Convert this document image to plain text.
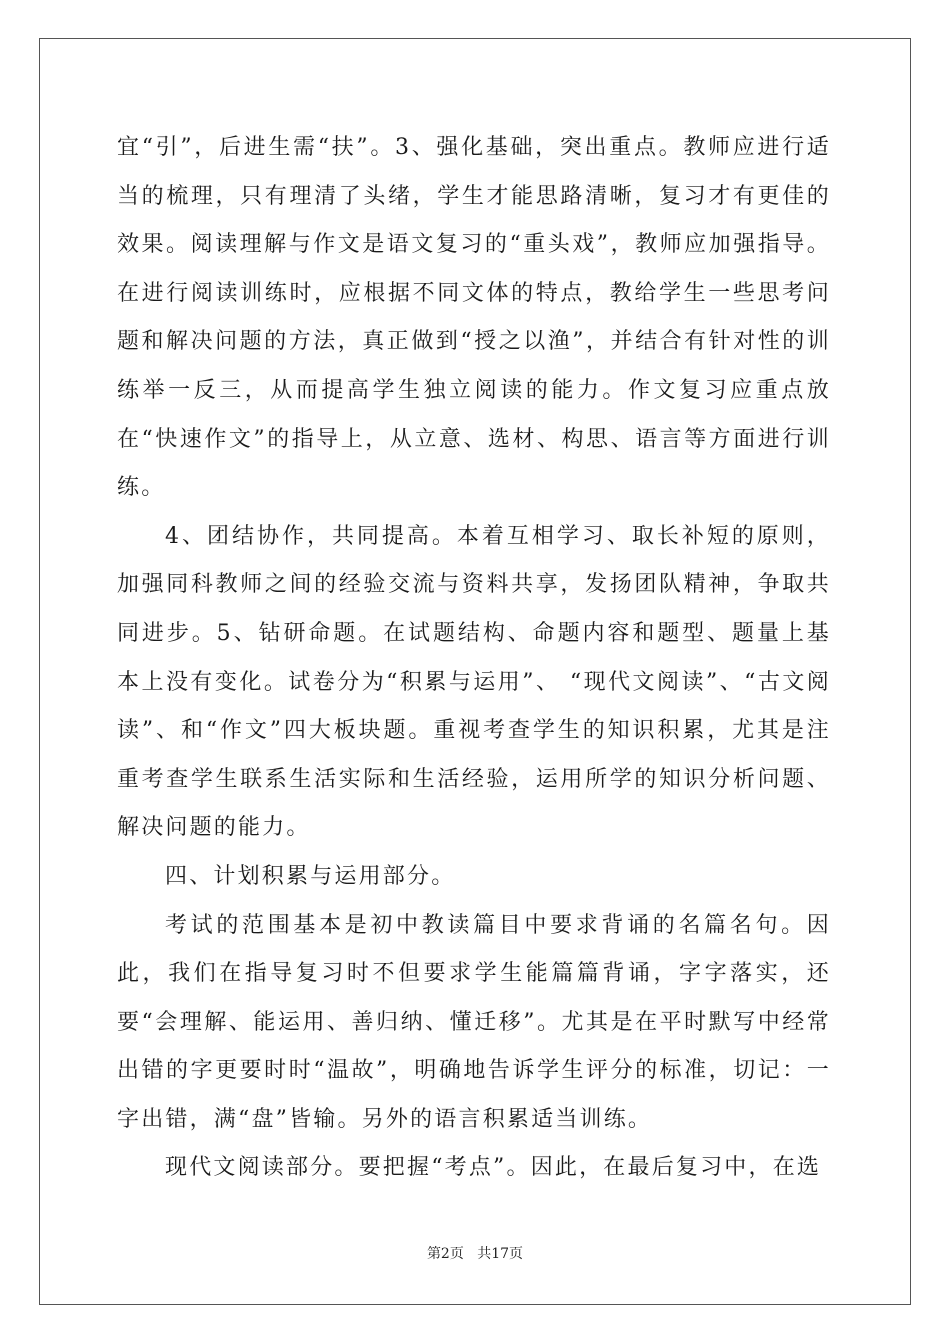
宜“引”，后进生需“扶”。3、强化基础，突出重点。教师应进行适当的梳理，只有理清了头绪，学生才能思路清晰，复习才有更佳的效果。阅读理解与作文是语文复习的“重头戏”，教师应加强指导。在进行阅读训练时，应根据不同文体的特点，教给学生一些思考问题和解决问题的方法，真正做到“授之以渔”，并结合有针对性的训练举一反三，从而提高学生独立阅读的能力。作文复习应重点放在“快速作文”的指导上，从立意、选材、构思、语言等方面进行训练。

4、团结协作，共同提高。本着互相学习、取长补短的原则，加强同科教师之间的经验交流与资料共享，发扬团队精神，争取共同进步。5、钻研命题。在试题结构、命题内容和题型、题量上基本上没有变化。试卷分为“积累与运用”、 “现代文阅读”、“古文阅读”、和“作文”四大板块题。重视考查学生的知识积累，尤其是注重考查学生联系生活实际和生活经验，运用所学的知识分析问题、解决问题的能力。

四、计划积累与运用部分。

考试的范围基本是初中教读篇目中要求背诵的名篇名句。因此，我们在指导复习时不但要求学生能篇篇背诵，字字落实，还要“会理解、能运用、善归纳、懂迁移”。尤其是在平时默写中经常出错的字更要时时“温故”，明确地告诉学生评分的标准，切记：一字出错，满“盘”皆输。另外的语言积累适当训练。

现代文阅读部分。要把握“考点”。因此，在最后复习中，在选

第2页 共17页
